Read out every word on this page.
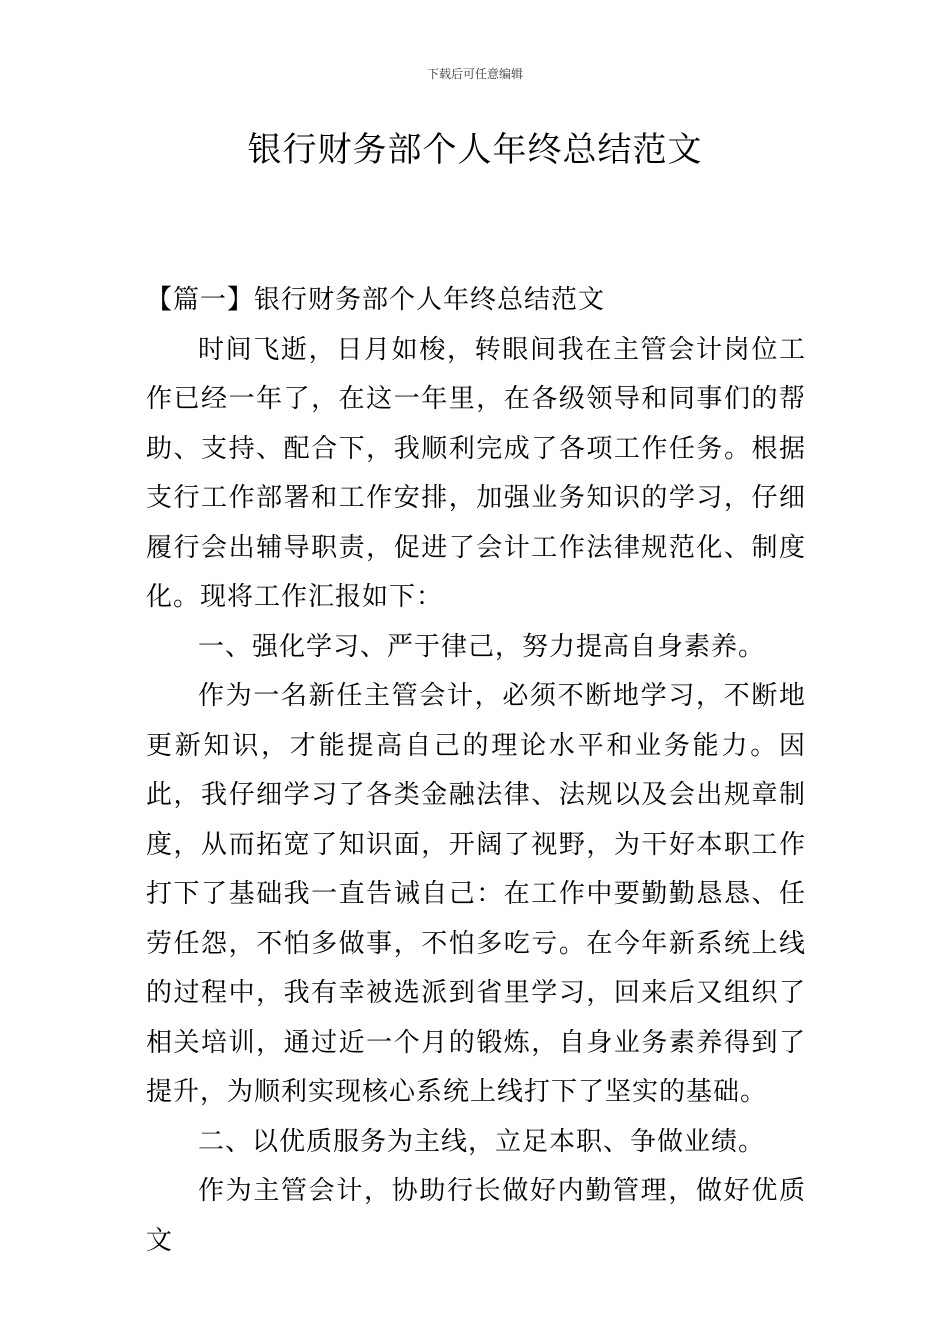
下载后可任意编辑
银行财务部个人年终总结范文

【篇一】银行财务部个人年终总结范文

时间飞逝，日月如梭，转眼间我在主管会计岗位工作已经一年了，在这一年里，在各级领导和同事们的帮助、支持、配合下，我顺利完成了各项工作任务。根据支行工作部署和工作安排，加强业务知识的学习，仔细履行会出辅导职责，促进了会计工作法律规范化、制度化。现将工作汇报如下：

一、强化学习、严于律己，努力提高自身素养。

作为一名新任主管会计，必须不断地学习，不断地更新知识，才能提高自己的理论水平和业务能力。因此，我仔细学习了各类金融法律、法规以及会出规章制度，从而拓宽了知识面，开阔了视野，为干好本职工作打下了基础我一直告诫自己：在工作中要勤勤恳恳、任劳任怨，不怕多做事，不怕多吃亏。在今年新系统上线的过程中，我有幸被选派到省里学习，回来后又组织了相关培训，通过近一个月的锻炼，自身业务素养得到了提升，为顺利实现核心系统上线打下了坚实的基础。

二、以优质服务为主线，立足本职、争做业绩。

作为主管会计，协助行长做好内勤管理，做好优质文
